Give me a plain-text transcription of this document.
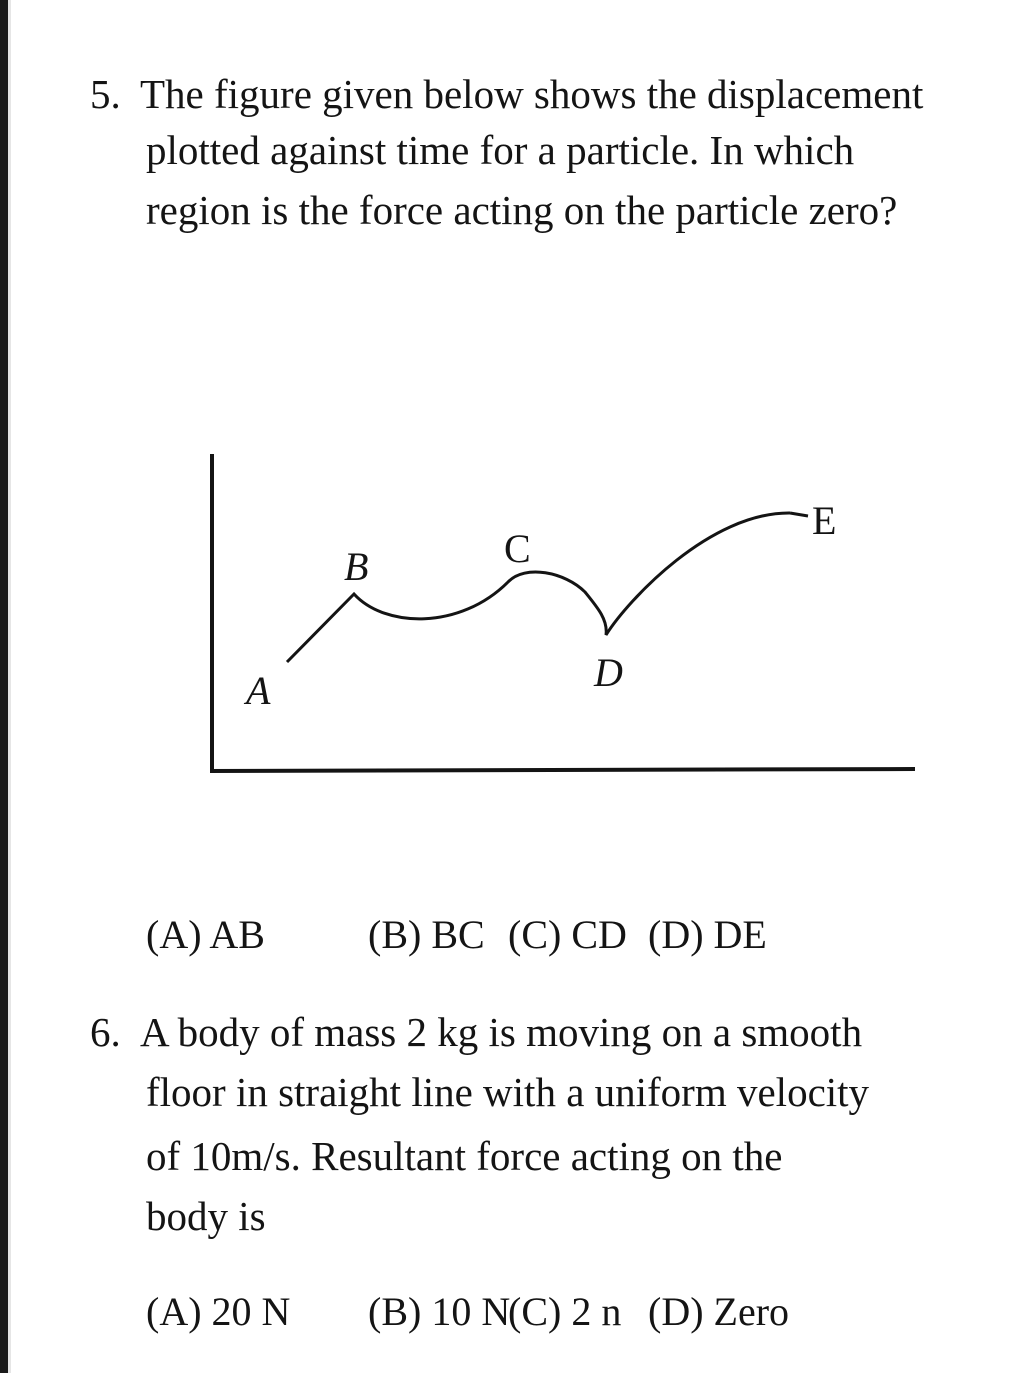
5. The figure given below shows the displacement
plotted against time for a particle. In which
region is the force acting on the particle zero?
A
B	C
D
E
(A) AB	(B) BC (C) CD (D) DE
6. A body of mass 2 kg is moving on a smooth
floor in straight line with a uniform velocity
of 10m/s. Resultant force acting on the
body is
(A) 20 N (B) 10 N
(C) 2 n (D) Zero
